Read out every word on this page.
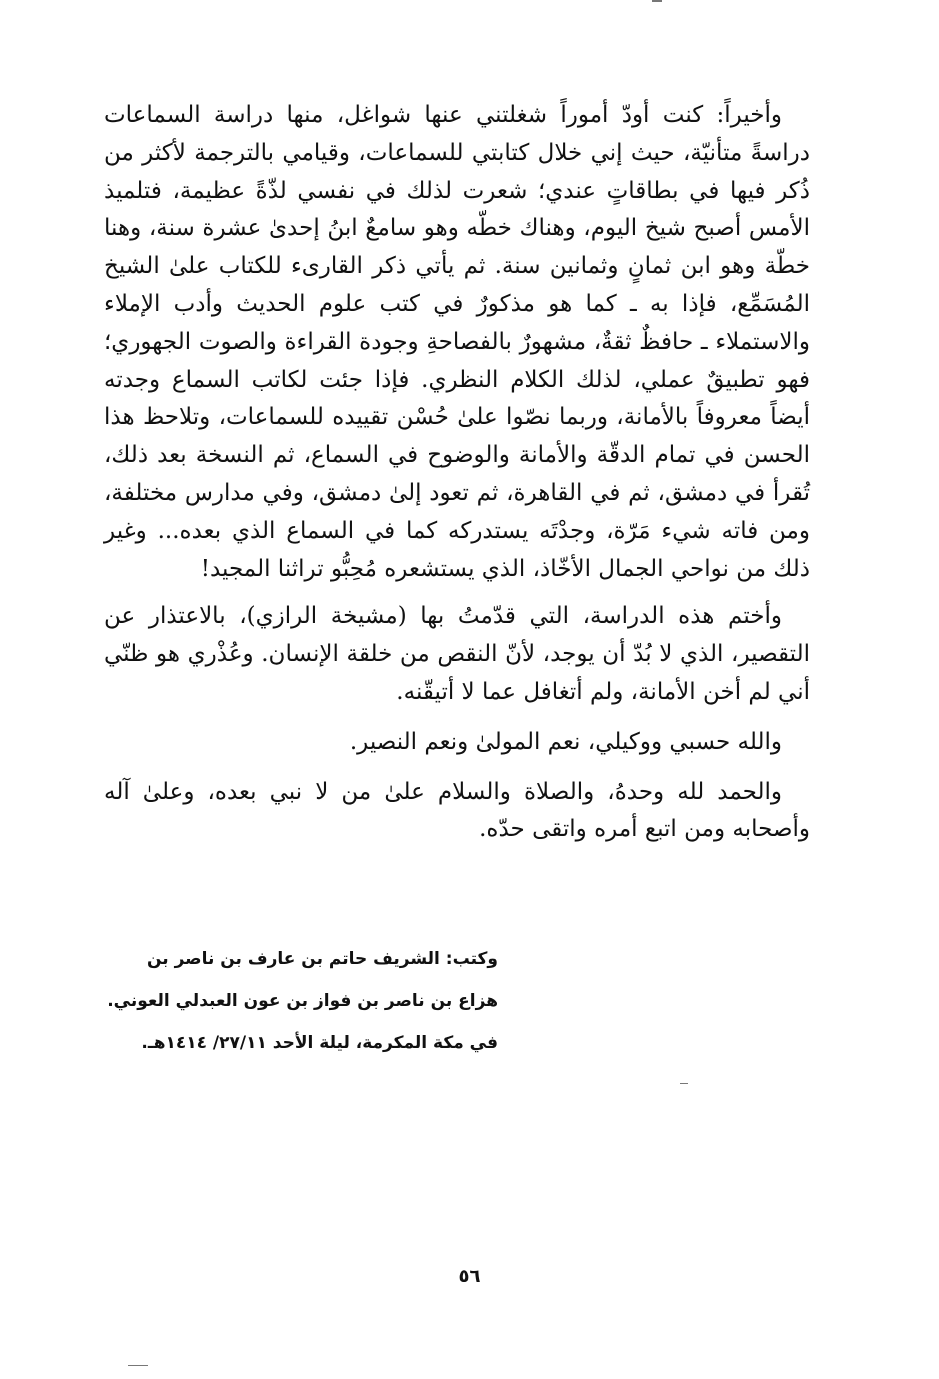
وأخيراً: كنت أودّ أموراً شغلتني عنها شواغل، منها دراسة السماعات دراسةً متأنيّة، حيث إني خلال كتابتي للسماعات، وقيامي بالترجمة لأكثر من ذُكر فيها في بطاقاتٍ عندي؛ شعرت لذلك في نفسي لذّةً عظيمة، فتلميذ الأمس أصبح شيخ اليوم، وهناك خطّه وهو سامعٌ ابنُ إحدىٰ عشرة سنة، وهنا خطّة وهو ابن ثمانٍ وثمانين سنة. ثم يأتي ذكر القارىء للكتاب علىٰ الشيخ المُسَمِّع، فإذا به ـ كما هو مذكورٌ في كتب علوم الحديث وأدب الإملاء والاستملاء ـ حافظٌ ثقةٌ، مشهورٌ بالفصاحةِ وجودة القراءة والصوت الجهوري؛ فهو تطبيقٌ عملي، لذلك الكلام النظري. فإذا جئت لكاتب السماع وجدته أيضاً معروفاً بالأمانة، وربما نصّوا علىٰ حُسْن تقييده للسماعات، وتلاحظ هذا الحسن في تمام الدقّة والأمانة والوضوح في السماع، ثم النسخة بعد ذلك، تُقرأ في دمشق، ثم في القاهرة، ثم تعود إلىٰ دمشق، وفي مدارس مختلفة، ومن فاته شيء مَرّة، وجدْتَه يستدركه كما في السماع الذي بعده... وغير ذلك من نواحي الجمال الأخّاذ، الذي يستشعره مُحِبُّو تراثنا المجيد!

وأختم هذه الدراسة، التي قدّمتُ بها (مشيخة الرازي)، بالاعتذار عن التقصير، الذي لا بُدّ أن يوجد، لأنّ النقص من خلقة الإنسان. وعُذْري هو ظنّي أني لم أخن الأمانة، ولم أتغافل عما لا أتيقّنه.

والله حسبي ووكيلي، نعم المولىٰ ونعم النصير.

والحمد لله وحدهُ، والصلاة والسلام علىٰ من لا نبي بعده، وعلىٰ آله وأصحابه ومن اتبع أمره واتقى حدّه.

وكتب: الشريف حاتم بن عارف بن ناصر بن
هزاع بن ناصر بن فواز بن عون العبدلي العوني.
في مكة المكرمة، ليلة الأحد ٢٧/١١/ ١٤١٤هـ.
٥٦
